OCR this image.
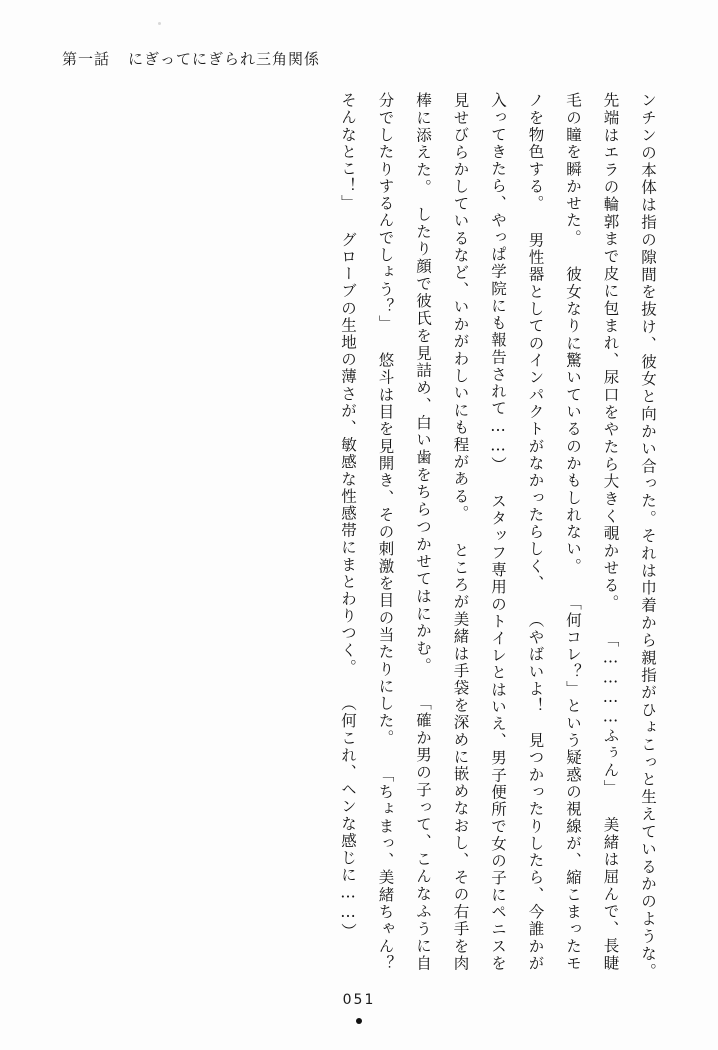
第一話 にぎってにぎられ三角関係
ンチンの本体は指の隙間を抜け、彼女と向かい合った。それは巾着から親指がひょこっと生えているかのような。　先端はエラの輪郭まで皮に包まれ、尿口をやたら大きく覗かせる。 「…………ふぅん」 美緒は屈んで、長睫毛の瞳を瞬かせた。 彼女なりに驚いているのかもしれない。 「何コレ？」という疑惑の視線が、縮こまったモノを物色する。 男性器としてのインパクトがなかったらしく、 （やばいよ！　見つかったりしたら、今誰かが入ってきたら、やっぱ学院にも報告されて……） スタッフ専用のトイレとはいえ、男子便所で女の子にペニスを見せびらかしているなど、いかがわしいにも程がある。 ところが美緒は手袋を深めに嵌めなおし、その右手を肉棒に添えた。　したり顔で彼氏を見詰め、白い歯をちらつかせてはにかむ。 「確か男の子って、こんなふうに自分でしたりするんでしょう？」 悠斗は目を見開き、その刺激を目の当たりにした。 「ちょまっ、美緒ちゃん？　そんなとこ！」 グローブの生地の薄さが、敏感な性感帯にまとわりつく。 （何これ、ヘンな感じに……）
051
